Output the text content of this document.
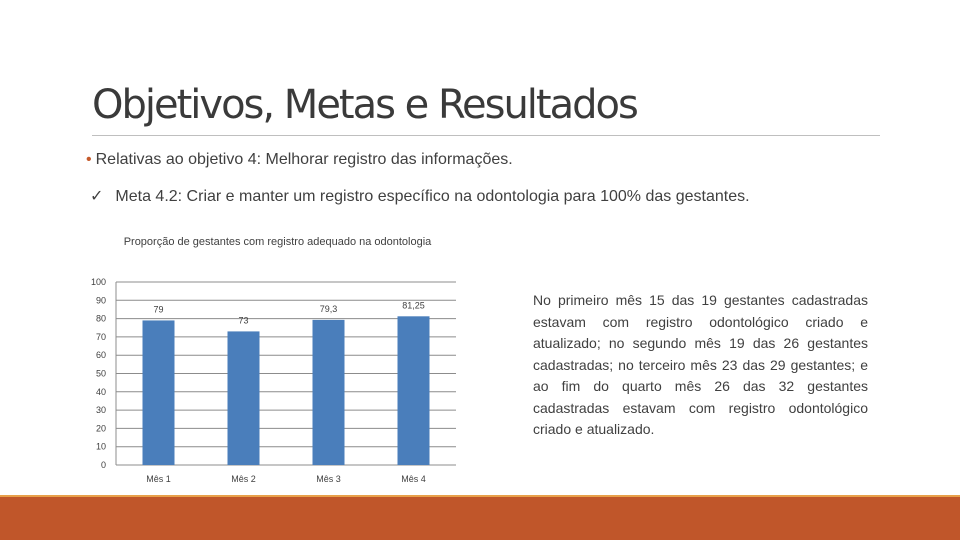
Objetivos, Metas e Resultados
• Relativas ao objetivo 4: Melhorar registro das informações.
✓ Meta 4.2: Criar e manter um registro específico na odontologia para 100% das gestantes.
Proporção de gestantes com registro adequado na odontologia
0
10
20
30
40
50
60
70
80
90
100
79
Mês 1
73
Mês 2
79,3
Mês 3
81,25
Mês 4
No primeiro mês 15 das 19 gestantes cadastradas estavam com registro odontológico criado e atualizado; no segundo mês 19 das 26 gestantes cadastradas; no terceiro mês 23 das 29 gestantes; e ao fim do quarto mês 26 das 32 gestantes cadastradas estavam com registro odontológico criado e atualizado.
